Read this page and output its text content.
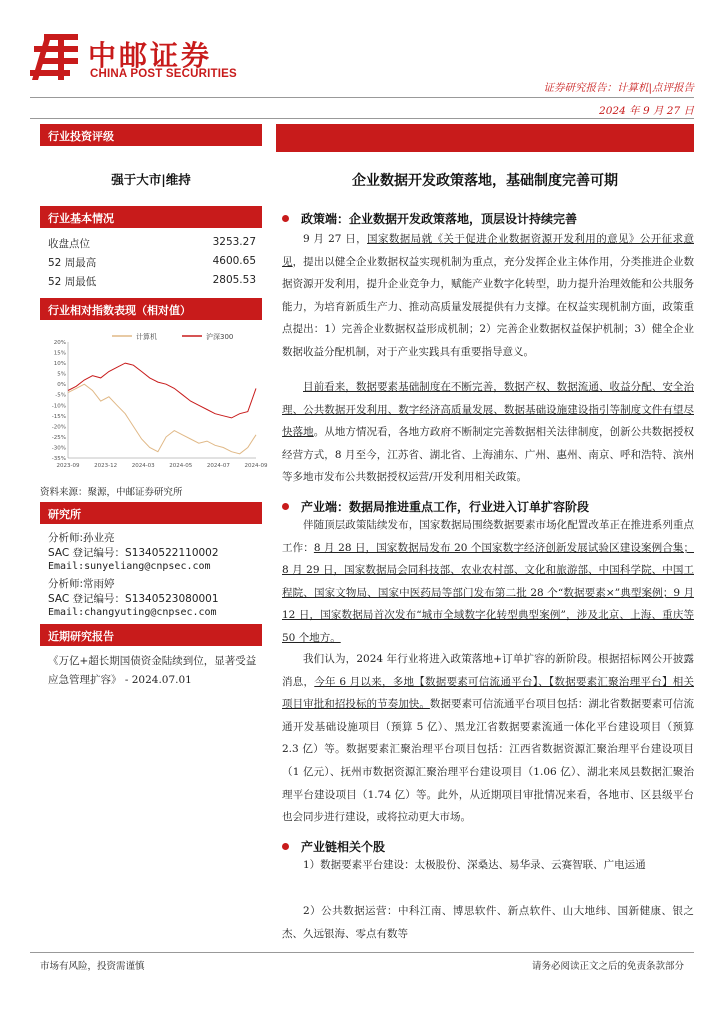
中邮证券
CHINA POST SECURITIES
证券研究报告：计算机|点评报告
2024 年 9 月 27 日
行业投资评级
强于大市|维持
行业基本情况
收盘点位	3253.27
52 周最高	4600.65
52 周最低	2805.53
行业相对指数表现（相对值）
计算机	沪深300
20%
15%
10%
5%
0%
-5%
-10%
-15%
-20%
-25%
-30%
-35%
2023-09	2023-12	2024-03	2024-05	2024-07	2024-09
资料来源：聚源，中邮证券研究所
研究所
分析师:孙业亮
SAC 登记编号：S1340522110002
Email:sunyeliang@cnpsec.com
分析师:常雨婷
SAC 登记编号：S1340523080001
Email:changyuting@cnpsec.com
近期研究报告
《万亿+超长期国债资金陆续到位，显著受益应急管理扩容》 - 2024.07.01
企业数据开发政策落地，基础制度完善可期
政策端：企业数据开发政策落地，顶层设计持续完善
9 月 27 日，国家数据局就《关于促进企业数据资源开发利用的意见》公开征求意见，提出以健全企业数据权益实现机制为重点，充分发挥企业主体作用，分类推进企业数据资源开发利用，提升企业竞争力，赋能产业数字化转型，助力提升治理效能和公共服务能力，为培育新质生产力、推动高质量发展提供有力支撑。在权益实现机制方面，政策重点提出：1）完善企业数据权益形成机制；2）完善企业数据权益保护机制；3）健全企业数据收益分配机制，对于产业实践具有重要指导意义。
目前看来，数据要素基础制度在不断完善，数据产权、数据流通、收益分配、安全治理、公共数据开发利用、数字经济高质量发展、数据基础设施建设指引等制度文件有望尽快落地。从地方情况看，各地方政府不断制定完善数据相关法律制度，创新公共数据授权经营方式，8 月至今，江苏省、湖北省、上海浦东、广州、惠州、南京、呼和浩特、滨州等多地市发布公共数据授权运营/开发利用相关政策。
产业端：数据局推进重点工作，行业进入订单扩容阶段
伴随顶层政策陆续发布，国家数据局围绕数据要素市场化配置改革正在推进系列重点工作：8 月 28 日，国家数据局发布 20 个国家数字经济创新发展试验区建设案例合集；8 月 29 日，国家数据局会同科技部、农业农村部、文化和旅游部、中国科学院、中国工程院、国家文物局、国家中医药局等部门发布第二批 28 个“数据要素×”典型案例；9 月 12 日，国家数据局首次发布“城市全域数字化转型典型案例”，涉及北京、上海、重庆等 50 个地方。
我们认为，2024 年行业将进入政策落地+订单扩容的新阶段。根据招标网公开披露消息，今年 6 月以来，多地【数据要素可信流通平台】、【数据要素汇聚治理平台】相关项目审批和招投标的节奏加快。数据要素可信流通平台项目包括：湖北省数据要素可信流通开发基础设施项目（预算 5 亿）、黑龙江省数据要素流通一体化平台建设项目（预算 2.3 亿）等。数据要素汇聚治理平台项目包括：江西省数据资源汇聚治理平台建设项目（1 亿元）、抚州市数据资源汇聚治理平台建设项目（1.06 亿）、湖北来凤县数据汇聚治理平台建设项目（1.74 亿）等。此外，从近期项目审批情况来看，各地市、区县级平台也会同步进行建设，或将拉动更大市场。
产业链相关个股
1）数据要素平台建设：太极股份、深桑达、易华录、云赛智联、广电运通
2）公共数据运营：中科江南、博思软件、新点软件、山大地纬、国新健康、银之杰、久远银海、零点有数等
市场有风险，投资需谨慎	请务必阅读正文之后的免责条款部分
